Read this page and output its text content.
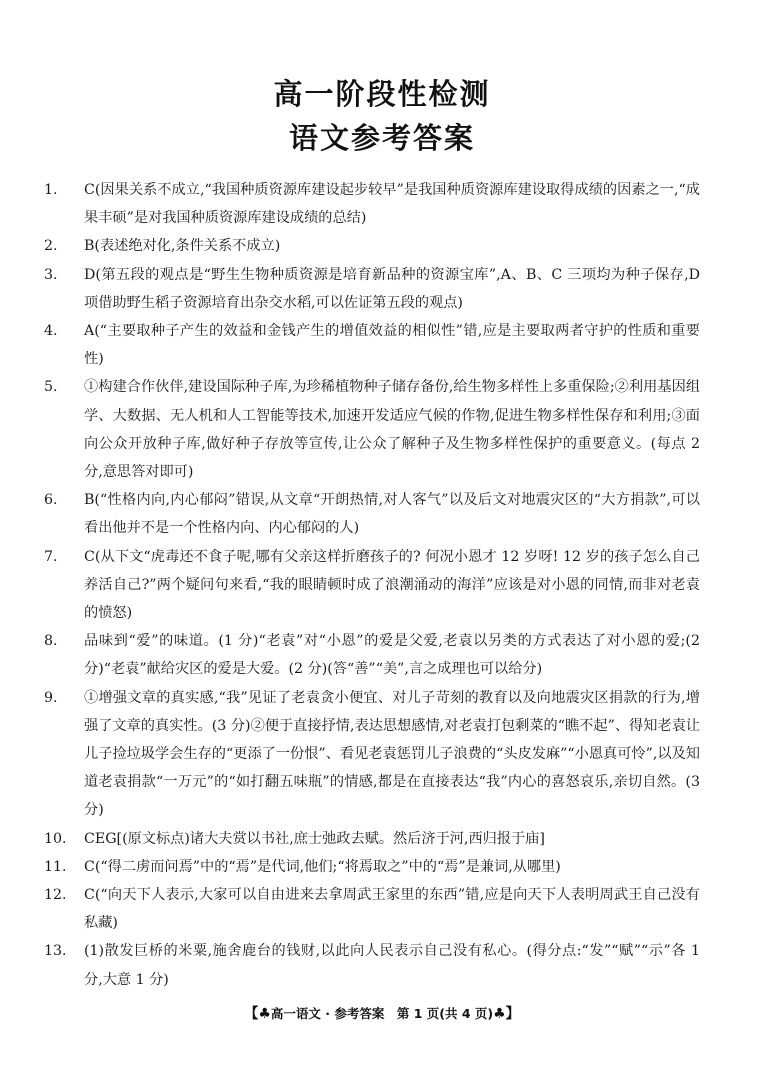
高一阶段性检测
语文参考答案
1.	C(因果关系不成立,“我国种质资源库建设起步较早”是我国种质资源库建设取得成绩的因素之一,“成果丰硕”是对我国种质资源库建设成绩的总结)
2.	B(表述绝对化,条件关系不成立)
3.	D(第五段的观点是“野生生物种质资源是培育新品种的资源宝库”,A、B、C 三项均为种子保存,D 项借助野生稻子资源培育出杂交水稻,可以佐证第五段的观点)
4.	A(“主要取种子产生的效益和金钱产生的增值效益的相似性”错,应是主要取两者守护的性质和重要性)
5.	①构建合作伙伴,建设国际种子库,为珍稀植物种子储存备份,给生物多样性上多重保险;②利用基因组学、大数据、无人机和人工智能等技术,加速开发适应气候的作物,促进生物多样性保存和利用;③面向公众开放种子库,做好种子存放等宣传,让公众了解种子及生物多样性保护的重要意义。(每点 2 分,意思答对即可)
6.	B(“性格内向,内心郁闷”错误,从文章“开朗热情,对人客气”以及后文对地震灾区的“大方捐款”,可以看出他并不是一个性格内向、内心郁闷的人)
7.	C(从下文“虎毒还不食子呢,哪有父亲这样折磨孩子的? 何况小恩才 12 岁呀! 12 岁的孩子怎么自己养活自己?”两个疑问句来看,“我的眼睛顿时成了浪潮涌动的海洋”应该是对小恩的同情,而非对老袁的愤怒)
8.	品味到“爱”的味道。(1 分)“老袁”对“小恩”的爱是父爱,老袁以另类的方式表达了对小恩的爱;(2 分)“老袁”献给灾区的爱是大爱。(2 分)(答“善”“美”,言之成理也可以给分)
9.	①增强文章的真实感,“我”见证了老袁贪小便宜、对儿子苛刻的教育以及向地震灾区捐款的行为,增强了文章的真实性。(3 分)②便于直接抒情,表达思想感情,对老袁打包剩菜的“瞧不起”、得知老袁让儿子捡垃圾学会生存的“更添了一份恨”、看见老袁惩罚儿子浪费的“头皮发麻”“小恩真可怜”,以及知道老袁捐款“一万元”的“如打翻五味瓶”的情感,都是在直接表达“我”内心的喜怒哀乐,亲切自然。(3 分)
10.	CEG[(原文标点)诸大夫赏以书社,庶士弛政去赋。然后济于河,西归报于庙]
11.	C(“得二虏而问焉”中的“焉”是代词,他们;“将焉取之”中的“焉”是兼词,从哪里)
12.	C(“向天下人表示,大家可以自由进来去拿周武王家里的东西”错,应是向天下人表明周武王自己没有私藏)
13.	(1)散发巨桥的米粟,施舍鹿台的钱财,以此向人民表示自己没有私心。(得分点:“发”“赋”“示”各 1 分,大意 1 分)
【♣高一语文 · 参考答案　第 1 页(共 4 页)♣】
